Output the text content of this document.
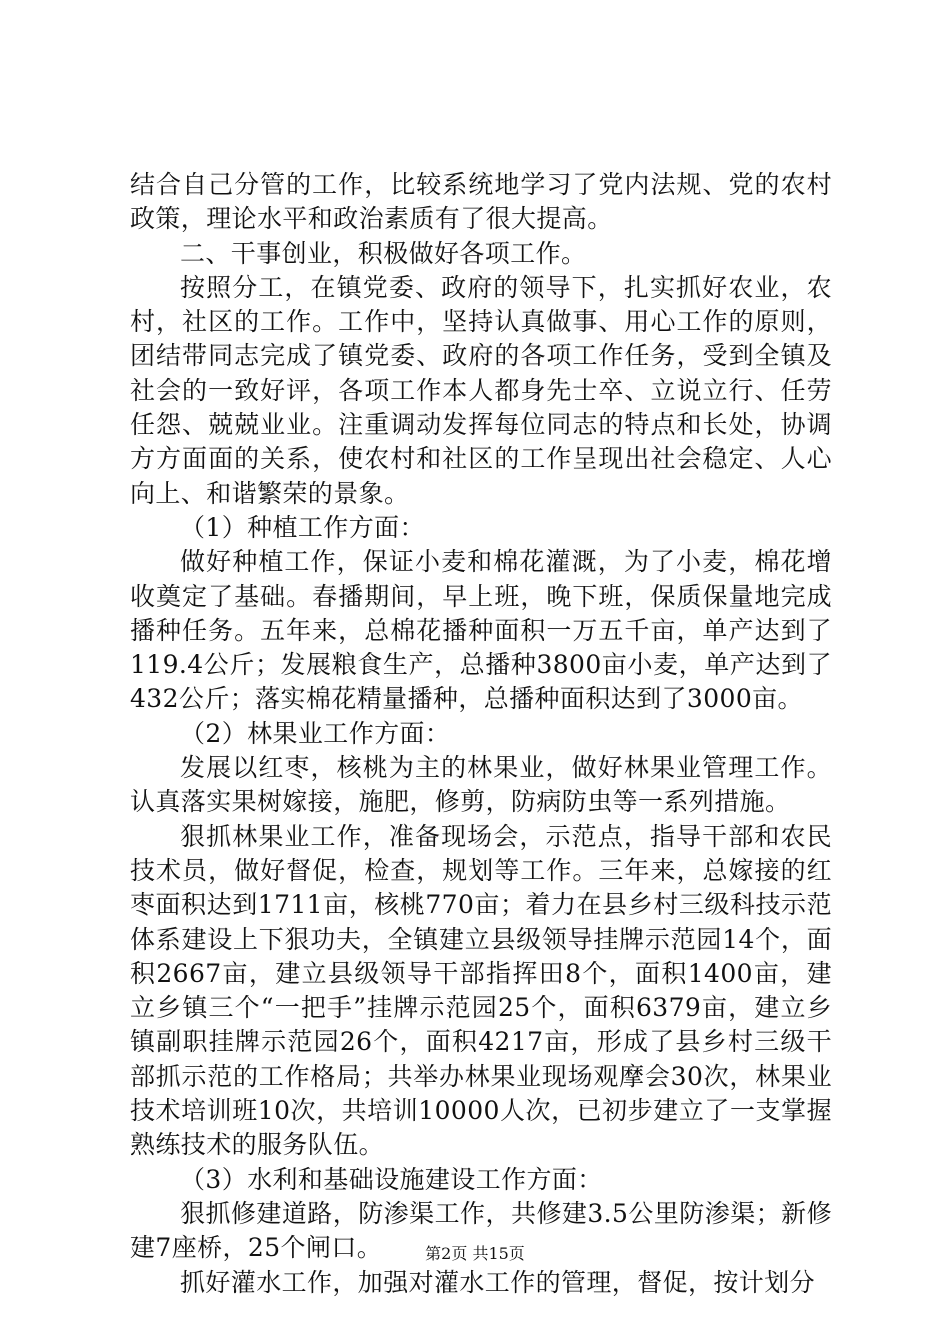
结合自己分管的工作，比较系统地学习了党内法规、党的农村政策，理论水平和政治素质有了很大提高。

二、干事创业，积极做好各项工作。

按照分工，在镇党委、政府的领导下，扎实抓好农业，农村，社区的工作。工作中，坚持认真做事、用心工作的原则，团结带同志完成了镇党委、政府的各项工作任务，受到全镇及社会的一致好评，各项工作本人都身先士卒、立说立行、任劳任怨、兢兢业业。注重调动发挥每位同志的特点和长处，协调方方面面的关系，使农村和社区的工作呈现出社会稳定、人心向上、和谐繁荣的景象。

（1）种植工作方面：

做好种植工作，保证小麦和棉花灌溉，为了小麦，棉花增收奠定了基础。春播期间，早上班，晚下班，保质保量地完成播种任务。五年来，总棉花播种面积一万五千亩，单产达到了119.4公斤；发展粮食生产，总播种3800亩小麦，单产达到了432公斤；落实棉花精量播种，总播种面积达到了3000亩。

（2）林果业工作方面：

发展以红枣，核桃为主的林果业，做好林果业管理工作。认真落实果树嫁接，施肥，修剪，防病防虫等一系列措施。

狠抓林果业工作，准备现场会，示范点，指导干部和农民技术员，做好督促，检查，规划等工作。三年来，总嫁接的红枣面积达到1711亩，核桃770亩；着力在县乡村三级科技示范体系建设上下狠功夫，全镇建立县级领导挂牌示范园14个，面积2667亩，建立县级领导干部指挥田8个，面积1400亩，建立乡镇三个“一把手”挂牌示范园25个，面积6379亩，建立乡镇副职挂牌示范园26个，面积4217亩，形成了县乡村三级干部抓示范的工作格局；共举办林果业现场观摩会30次，林果业技术培训班10次，共培训10000人次，已初步建立了一支掌握熟练技术的服务队伍。

（3）水利和基础设施建设工作方面：

狠抓修建道路，防渗渠工作，共修建3.5公里防渗渠；新修建7座桥，25个闸口。

抓好灌水工作，加强对灌水工作的管理，督促，按计划分

第2页 共15页
